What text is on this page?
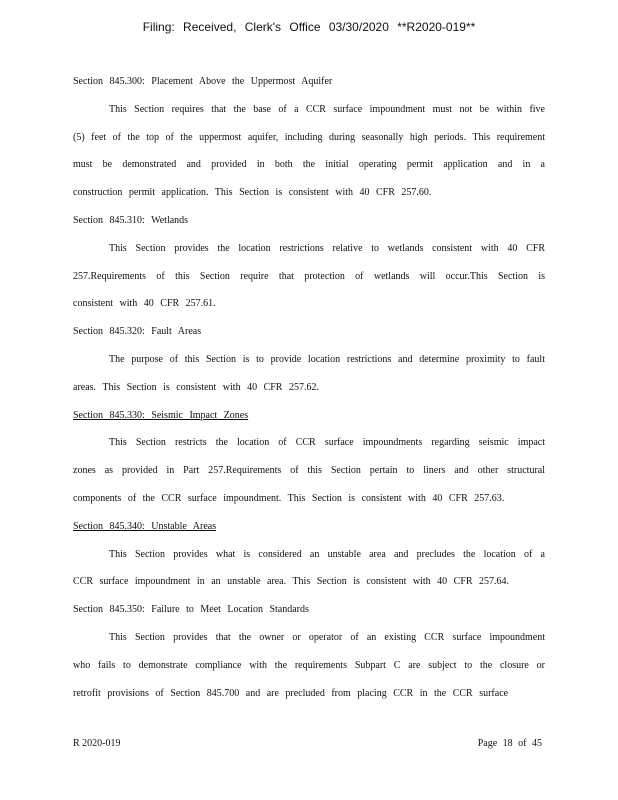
Filing: Received, Clerk's Office 03/30/2020 **R2020-019**

Section 845.300: Placement Above the Uppermost Aquifer

This Section requires that the base of a CCR surface impoundment must not be within five (5) feet of the top of the uppermost aquifer, including during seasonally high periods. This requirement must be demonstrated and provided in both the initial operating permit application and in a construction permit application. This Section is consistent with 40 CFR 257.60.

Section 845.310: Wetlands

This Section provides the location restrictions relative to wetlands consistent with 40 CFR 257.Requirements of this Section require that protection of wetlands will occur.This Section is consistent with 40 CFR 257.61.

Section 845.320: Fault Areas

The purpose of this Section is to provide location restrictions and determine proximity to fault areas. This Section is consistent with 40 CFR 257.62.

Section 845.330: Seismic Impact Zones

This Section restricts the location of CCR surface impoundments regarding seismic impact zones as provided in Part 257.Requirements of this Section pertain to liners and other structural components of the CCR surface impoundment. This Section is consistent with 40 CFR 257.63.

Section 845.340: Unstable Areas

This Section provides what is considered an unstable area and precludes the location of a CCR surface impoundment in an unstable area. This Section is consistent with 40 CFR 257.64.

Section 845.350: Failure to Meet Location Standards

This Section provides that the owner or operator of an existing CCR surface impoundment who fails to demonstrate compliance with the requirements Subpart C are subject to the closure or retrofit provisions of Section 845.700 and are precluded from placing CCR in the CCR surface

R 2020-019	Page 18 of 45
